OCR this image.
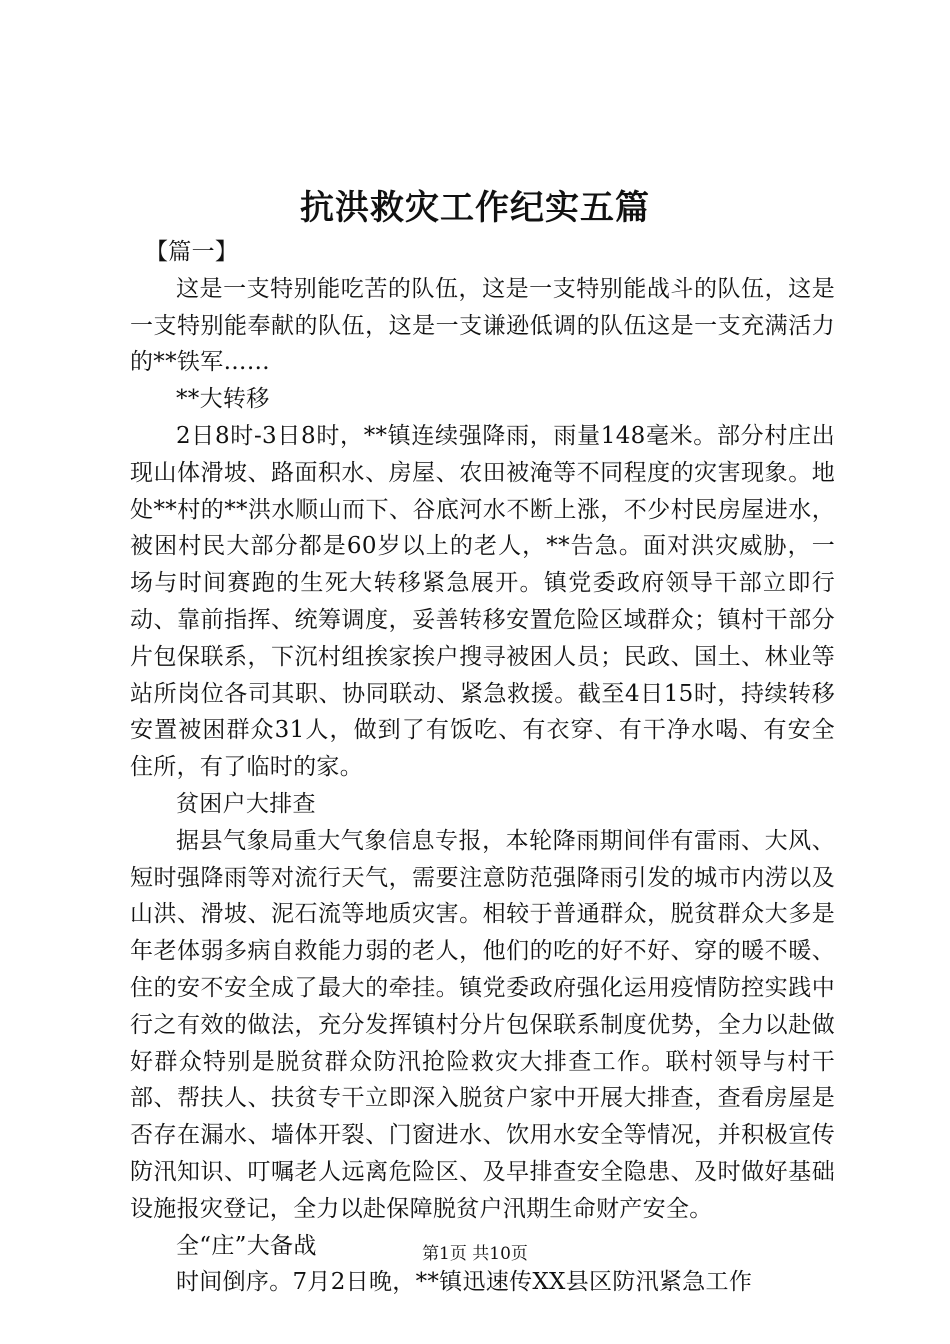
抗洪救灾工作纪实五篇

【篇一】

这是一支特别能吃苦的队伍，这是一支特别能战斗的队伍，这是一支特别能奉献的队伍，这是一支谦逊低调的队伍这是一支充满活力的**铁军……

**大转移

2日8时-3日8时，**镇连续强降雨，雨量148毫米。部分村庄出现山体滑坡、路面积水、房屋、农田被淹等不同程度的灾害现象。地处**村的**洪水顺山而下、谷底河水不断上涨，不少村民房屋进水，被困村民大部分都是60岁以上的老人，**告急。面对洪灾威胁，一场与时间赛跑的生死大转移紧急展开。镇党委政府领导干部立即行动、靠前指挥、统筹调度，妥善转移安置危险区域群众；镇村干部分片包保联系，下沉村组挨家挨户搜寻被困人员；民政、国土、林业等站所岗位各司其职、协同联动、紧急救援。截至4日15时，持续转移安置被困群众31人，做到了有饭吃、有衣穿、有干净水喝、有安全住所，有了临时的家。

贫困户大排查

据县气象局重大气象信息专报，本轮降雨期间伴有雷雨、大风、短时强降雨等对流行天气，需要注意防范强降雨引发的城市内涝以及山洪、滑坡、泥石流等地质灾害。相较于普通群众，脱贫群众大多是年老体弱多病自救能力弱的老人，他们的吃的好不好、穿的暖不暖、住的安不安全成了最大的牵挂。镇党委政府强化运用疫情防控实践中行之有效的做法，充分发挥镇村分片包保联系制度优势，全力以赴做好群众特别是脱贫群众防汛抢险救灾大排查工作。联村领导与村干部、帮扶人、扶贫专干立即深入脱贫户家中开展大排查，查看房屋是否存在漏水、墙体开裂、门窗进水、饮用水安全等情况，并积极宣传防汛知识、叮嘱老人远离危险区、及早排查安全隐患、及时做好基础设施报灾登记，全力以赴保障脱贫户汛期生命财产安全。

全“庄”大备战

时间倒序。7月2日晚，**镇迅速传XX县区防汛紧急工作

第1页 共10页
